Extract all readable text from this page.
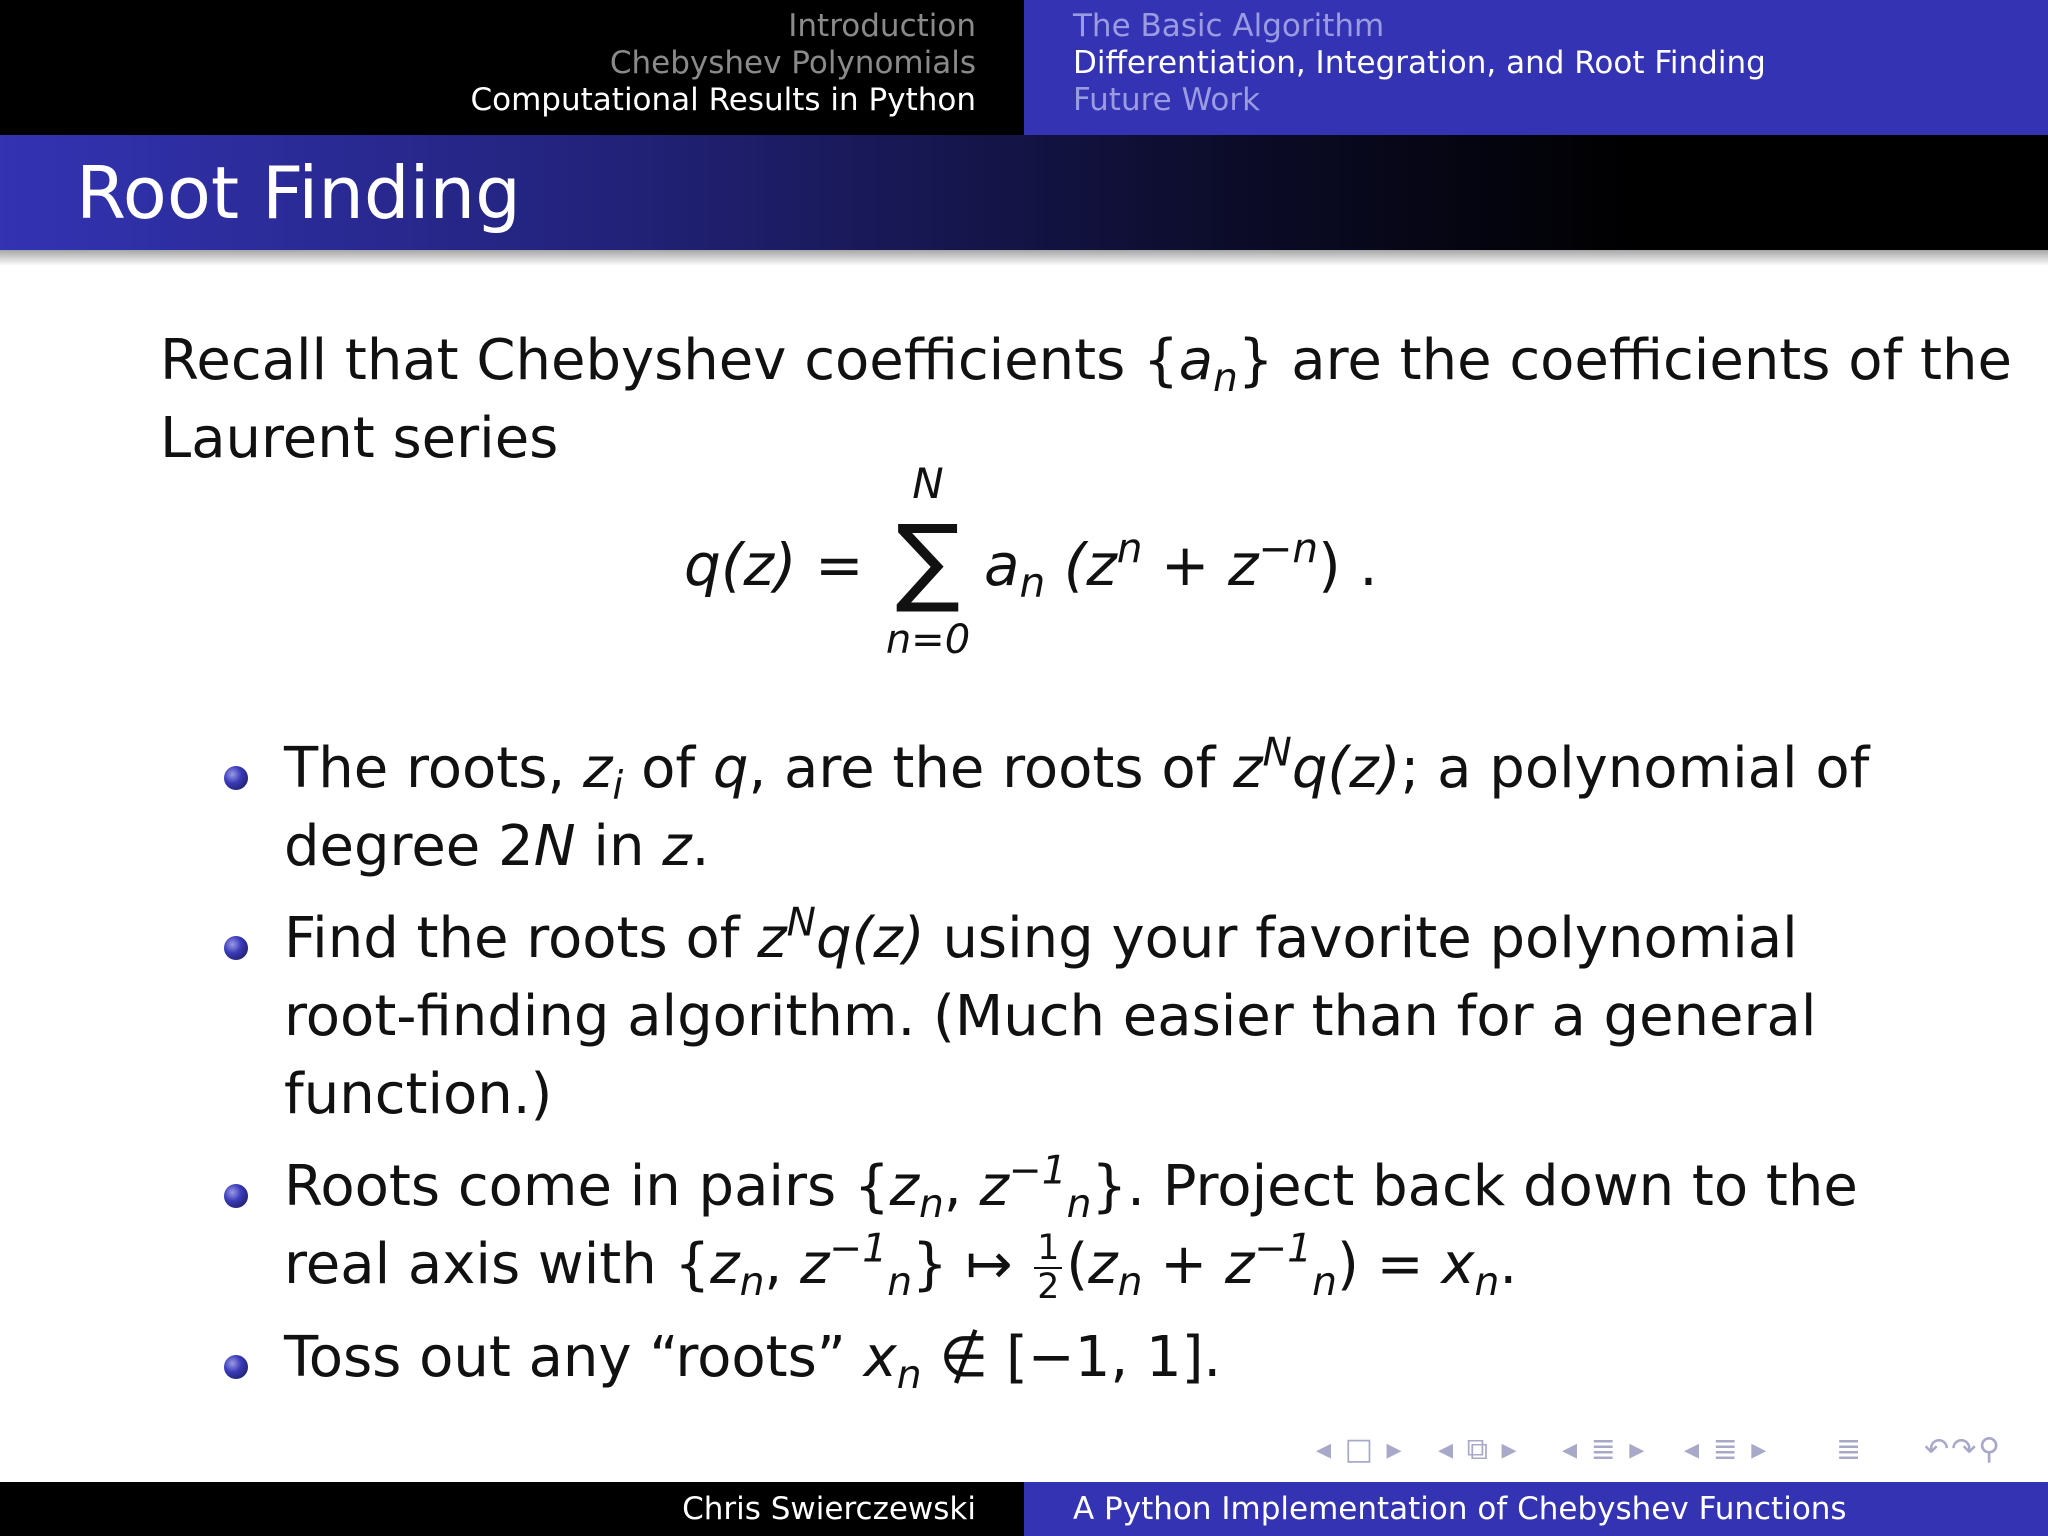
Introduction
Chebyshev Polynomials
Computational Results in Python
The Basic Algorithm
Differentiation, Integration, and Root Finding
Future Work
Root Finding
Recall that Chebyshev coefficients $\{a_n\}$ are the coefficients of the
Laurent series
q(z) =
N
∑
n=0
$a_n$ $(z^n + z^{-n})$ .
The roots, $z_i$ of q, are the roots of $z^Nq(z)$; a polynomial of degree 2N in z.
Find the roots of $z^Nq(z)$ using your favorite polynomial root-finding algorithm. (Much easier than for a general function.)
Roots come in pairs {$z_n$, $z^{-1}_n$}. Project back down to the real axis with {$z_n$, $z^{-1}_n$} ↦ $\frac{1}{2} (z_n + z^{-1}_n) = x_n$.
Toss out any “roots” $x_n$ ∉ [−1, 1].
◂ □ ▸ ◂ ⧉ ▸ ◂ ≣ ▸ ◂ ≣ ▸ ≣ ↶↷⚲
Chris Swierczewski	A Python Implementation of Chebyshev Functions
